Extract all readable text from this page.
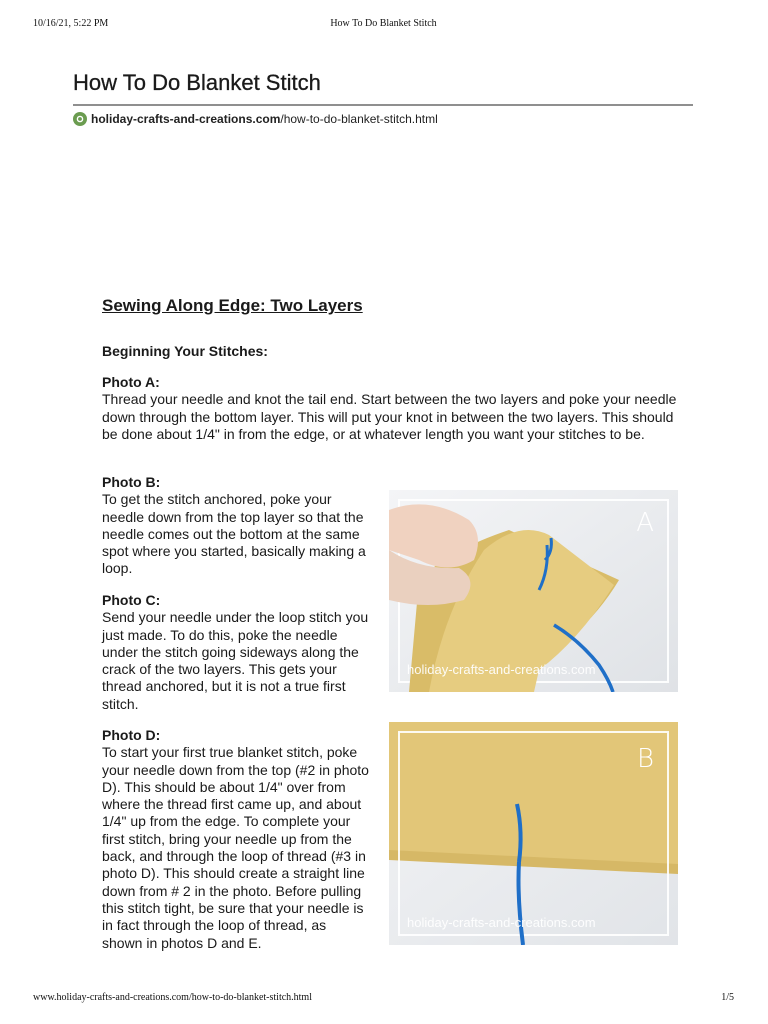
10/16/21, 5:22 PM	How To Do Blanket Stitch
How To Do Blanket Stitch
holiday-crafts-and-creations.com /how-to-do-blanket-stitch.html
Sewing Along Edge: Two Layers
Beginning Your Stitches:
Photo A:
Thread your needle and knot the tail end. Start between the two layers and poke your needle down through the bottom layer. This will put your knot in between the two layers. This should be done about 1/4" in from the edge, or at whatever length you want your stitches to be.
Photo B:
To get the stitch anchored, poke your needle down from the top layer so that the needle comes out the bottom at the same spot where you started, basically making a loop.
Photo C:
Send your needle under the loop stitch you just made. To do this, poke the needle under the stitch going sideways along the crack of the two layers. This gets your thread anchored, but it is not a true first stitch.
Photo D:
To start your first true blanket stitch, poke your needle down from the top (#2 in photo D). This should be about 1/4" over from where the thread first came up, and about 1/4" up from the edge. To complete your first stitch, bring your needle up from the back, and through the loop of thread (#3 in photo D). This should create a straight line down from # 2 in the photo. Before pulling this stitch tight, be sure that your needle is in fact through the loop of thread, as shown in photos D and E.
A
holiday-crafts-and-creations.com
B
holiday-crafts-and-creations.com
www.holiday-crafts-and-creations.com/how-to-do-blanket-stitch.html	1/5
